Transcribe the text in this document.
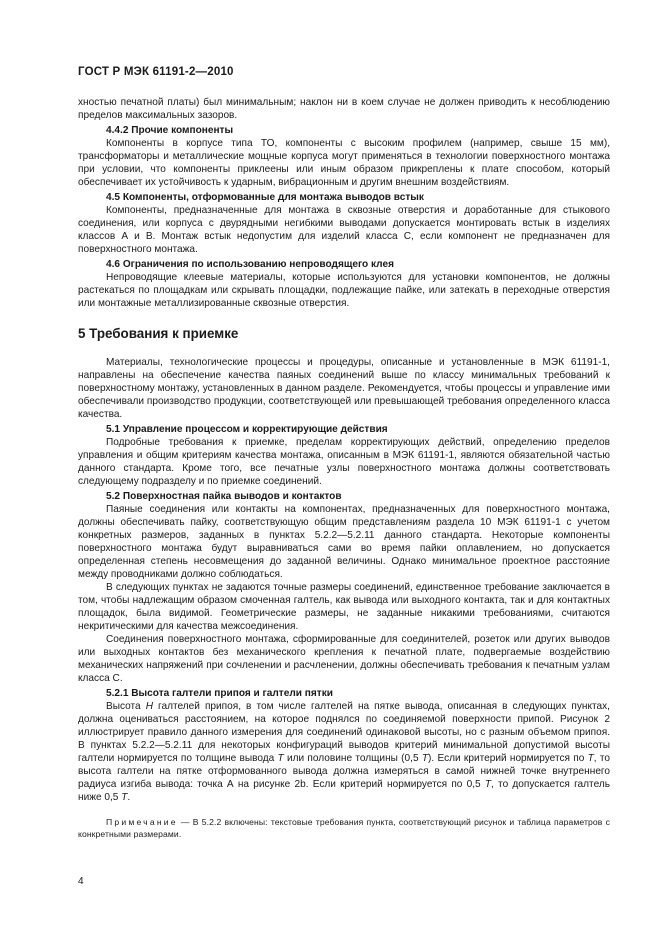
ГОСТ Р МЭК 61191-2—2010

хностью печатной платы) был минимальным; наклон ни в коем случае не должен приводить к несоблюдению пределов максимальных зазоров.

4.4.2 Прочие компоненты

Компоненты в корпусе типа ТО, компоненты с высоким профилем (например, свыше 15 мм), трансформаторы и металлические мощные корпуса могут применяться в технологии поверхностного монтажа при условии, что компоненты приклеены или иным образом прикреплены к плате способом, который обеспечивает их устойчивость к ударным, вибрационным и другим внешним воздействиям.

4.5 Компоненты, отформованные для монтажа выводов встык

Компоненты, предназначенные для монтажа в сквозные отверстия и доработанные для стыкового соединения, или корпуса с двурядными негибкими выводами допускается монтировать встык в изделиях классов А и В. Монтаж встык недопустим для изделий класса С, если компонент не предназначен для поверхностного монтажа.

4.6 Ограничения по использованию непроводящего клея

Непроводящие клеевые материалы, которые используются для установки компонентов, не должны растекаться по площадкам или скрывать площадки, подлежащие пайке, или затекать в переходные отверстия или монтажные металлизированные сквозные отверстия.

5 Требования к приемке

Материалы, технологические процессы и процедуры, описанные и установленные в МЭК 61191-1, направлены на обеспечение качества паяных соединений выше по классу минимальных требований к поверхностному монтажу, установленных в данном разделе. Рекомендуется, чтобы процессы и управление ими обеспечивали производство продукции, соответствующей или превышающей требования определенного класса качества.

5.1 Управление процессом и корректирующие действия

Подробные требования к приемке, пределам корректирующих действий, определению пределов управления и общим критериям качества монтажа, описанным в МЭК 61191-1, являются обязательной частью данного стандарта. Кроме того, все печатные узлы поверхностного монтажа должны соответствовать следующему подразделу и по приемке соединений.

5.2 Поверхностная пайка выводов и контактов

Паяные соединения или контакты на компонентах, предназначенных для поверхностного монтажа, должны обеспечивать пайку, соответствующую общим представлениям раздела 10 МЭК 61191-1 с учетом конкретных размеров, заданных в пунктах 5.2.2—5.2.11 данного стандарта. Некоторые компоненты поверхностного монтажа будут выравниваться сами во время пайки оплавлением, но допускается определенная степень несовмещения до заданной величины. Однако минимальное проектное расстояние между проводниками должно соблюдаться.

В следующих пунктах не задаются точные размеры соединений, единственное требование заключается в том, чтобы надлежащим образом смоченная галтель, как вывода или выходного контакта, так и для контактных площадок, была видимой. Геометрические размеры, не заданные никакими требованиями, считаются некритическими для качества межсоединения.

Соединения поверхностного монтажа, сформированные для соединителей, розеток или других выводов или выходных контактов без механического крепления к печатной плате, подвергаемые воздействию механических напряжений при сочленении и расчленении, должны обеспечивать требования к печатным узлам класса С.

5.2.1 Высота галтели припоя и галтели пятки

Высота H галтелей припоя, в том числе галтелей на пятке вывода, описанная в следующих пунктах, должна оцениваться расстоянием, на которое поднялся по соединяемой поверхности припой. Рисунок 2 иллюстрирует правило данного измерения для соединений одинаковой высоты, но с разным объемом припоя. В пунктах 5.2.2—5.2.11 для некоторых конфигураций выводов критерий минимальной допустимой высоты галтели нормируется по толщине вывода T или половине толщины (0,5 T). Если критерий нормируется по T, то высота галтели на пятке отформованного вывода должна измеряться в самой нижней точке внутреннего радиуса изгиба вывода: точка А на рисунке 2b. Если критерий нормируется по 0,5 T, то допускается галтель ниже 0,5 T.

Примечание — В 5.2.2 включены: текстовые требования пункта, соответствующий рисунок и таблица параметров с конкретными размерами.

4
